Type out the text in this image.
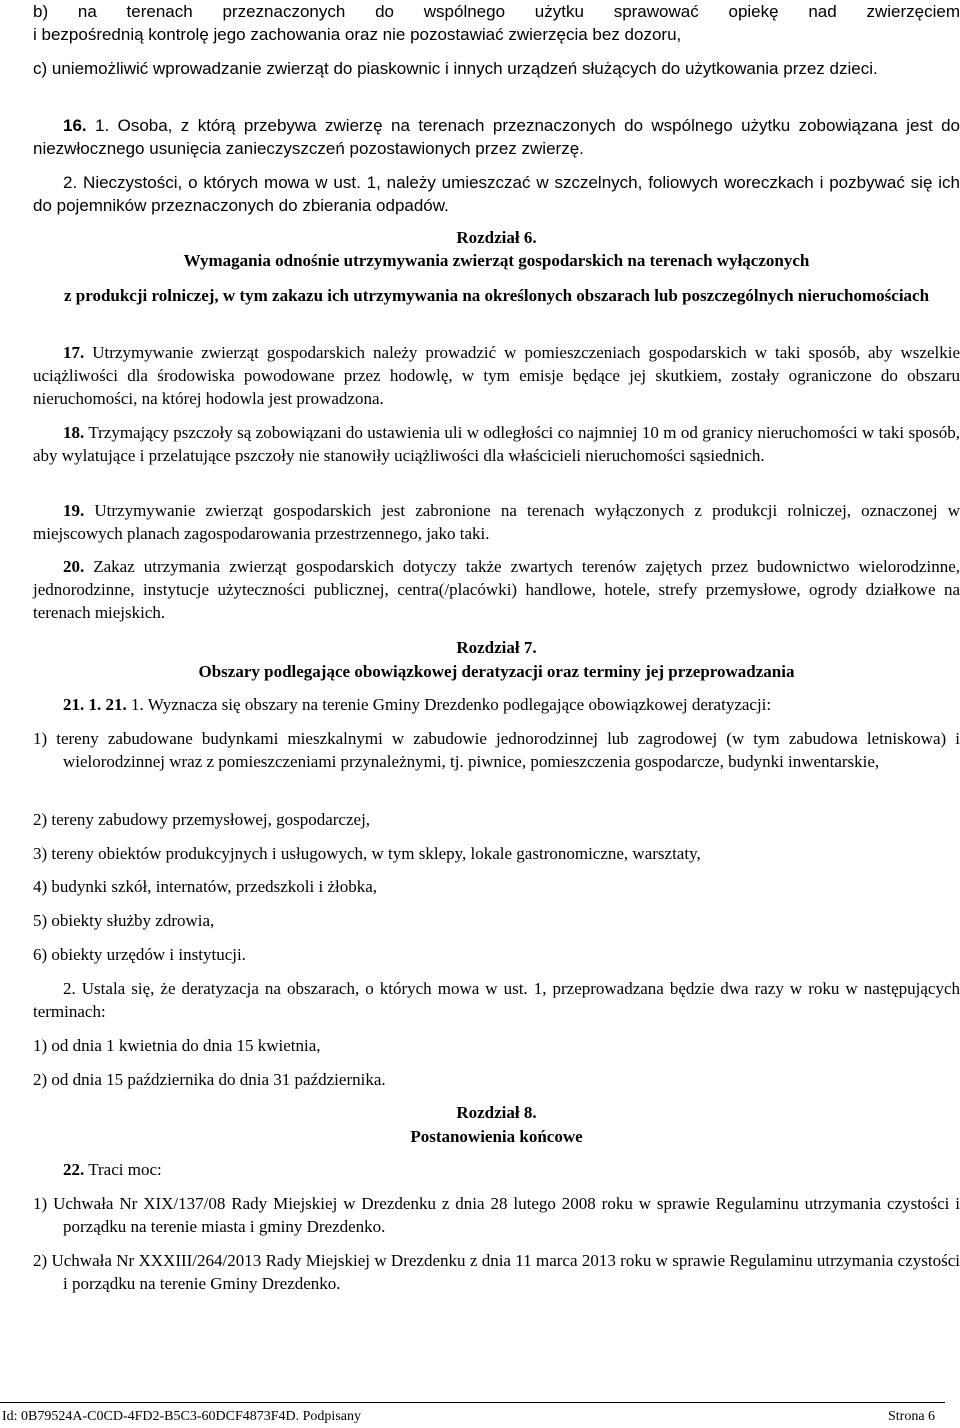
b) na terenach przeznaczonych do wspólnego użytku sprawować opiekę nad zwierzęciem

i bezpośrednią kontrolę jego zachowania oraz nie pozostawiać zwierzęcia bez dozoru,

c) uniemożliwić wprowadzanie zwierząt do piaskownic i innych urządzeń służących do użytkowania przez dzieci.

16. 1. Osoba, z którą przebywa zwierzę na terenach przeznaczonych do wspólnego użytku zobowiązana jest do niezwłocznego usunięcia zanieczyszczeń pozostawionych przez zwierzę.

2. Nieczystości, o których mowa w ust. 1, należy umieszczać w szczelnych, foliowych woreczkach i pozbywać się ich do pojemników przeznaczonych do zbierania odpadów.

Rozdział 6.

Wymagania odnośnie utrzymywania zwierząt gospodarskich na terenach wyłączonych

z produkcji rolniczej, w tym zakazu ich utrzymywania na określonych obszarach lub poszczególnych nieruchomościach

17. Utrzymywanie zwierząt gospodarskich należy prowadzić w pomieszczeniach gospodarskich w taki sposób, aby wszelkie uciążliwości dla środowiska powodowane przez hodowlę, w tym emisje będące jej skutkiem, zostały ograniczone do obszaru nieruchomości, na której hodowla jest prowadzona.

18. Trzymający pszczoły są zobowiązani do ustawienia uli w odległości co najmniej 10 m od granicy nieruchomości w taki sposób, aby wylatujące i przelatujące pszczoły nie stanowiły uciążliwości dla właścicieli nieruchomości sąsiednich.

19. Utrzymywanie zwierząt gospodarskich jest zabronione na terenach wyłączonych z produkcji rolniczej, oznaczonej w miejscowych planach zagospodarowania przestrzennego, jako taki.

20. Zakaz utrzymania zwierząt gospodarskich dotyczy także zwartych terenów zajętych przez budownictwo wielorodzinne, jednorodzinne, instytucje użyteczności publicznej, centra(/placówki) handlowe, hotele, strefy przemysłowe, ogrody działkowe na terenach miejskich.

Rozdział 7.

Obszary podlegające obowiązkowej deratyzacji oraz terminy jej przeprowadzania

21. 1. 21. 1. Wyznacza się obszary na terenie Gminy Drezdenko podlegające obowiązkowej deratyzacji:

1) tereny zabudowane budynkami mieszkalnymi w zabudowie jednorodzinnej lub zagrodowej (w tym zabudowa letniskowa) i wielorodzinnej wraz z pomieszczeniami przynależnymi, tj. piwnice, pomieszczenia gospodarcze, budynki inwentarskie,

2) tereny zabudowy przemysłowej, gospodarczej,

3) tereny obiektów produkcyjnych i usługowych, w tym sklepy, lokale gastronomiczne, warsztaty,

4) budynki szkół, internatów, przedszkoli i żłobka,

5) obiekty służby zdrowia,

6) obiekty urzędów i instytucji.

2. Ustala się, że deratyzacja na obszarach, o których mowa w ust. 1, przeprowadzana będzie dwa razy w roku w następujących terminach:

1) od dnia 1 kwietnia do dnia 15 kwietnia,

2) od dnia 15 października do dnia 31 października.

Rozdział 8.

Postanowienia końcowe

22. Traci moc:

1) Uchwała Nr XIX/137/08 Rady Miejskiej w Drezdenku z dnia 28 lutego 2008 roku w sprawie Regulaminu utrzymania czystości i porządku na terenie miasta i gminy Drezdenko.

2) Uchwała Nr XXXIII/264/2013 Rady Miejskiej w Drezdenku z dnia 11 marca 2013 roku w sprawie Regulaminu utrzymania czystości i porządku na terenie Gminy Drezdenko.

Id: 0B79524A-C0CD-4FD2-B5C3-60DCF4873F4D. Podpisany	Strona 6
